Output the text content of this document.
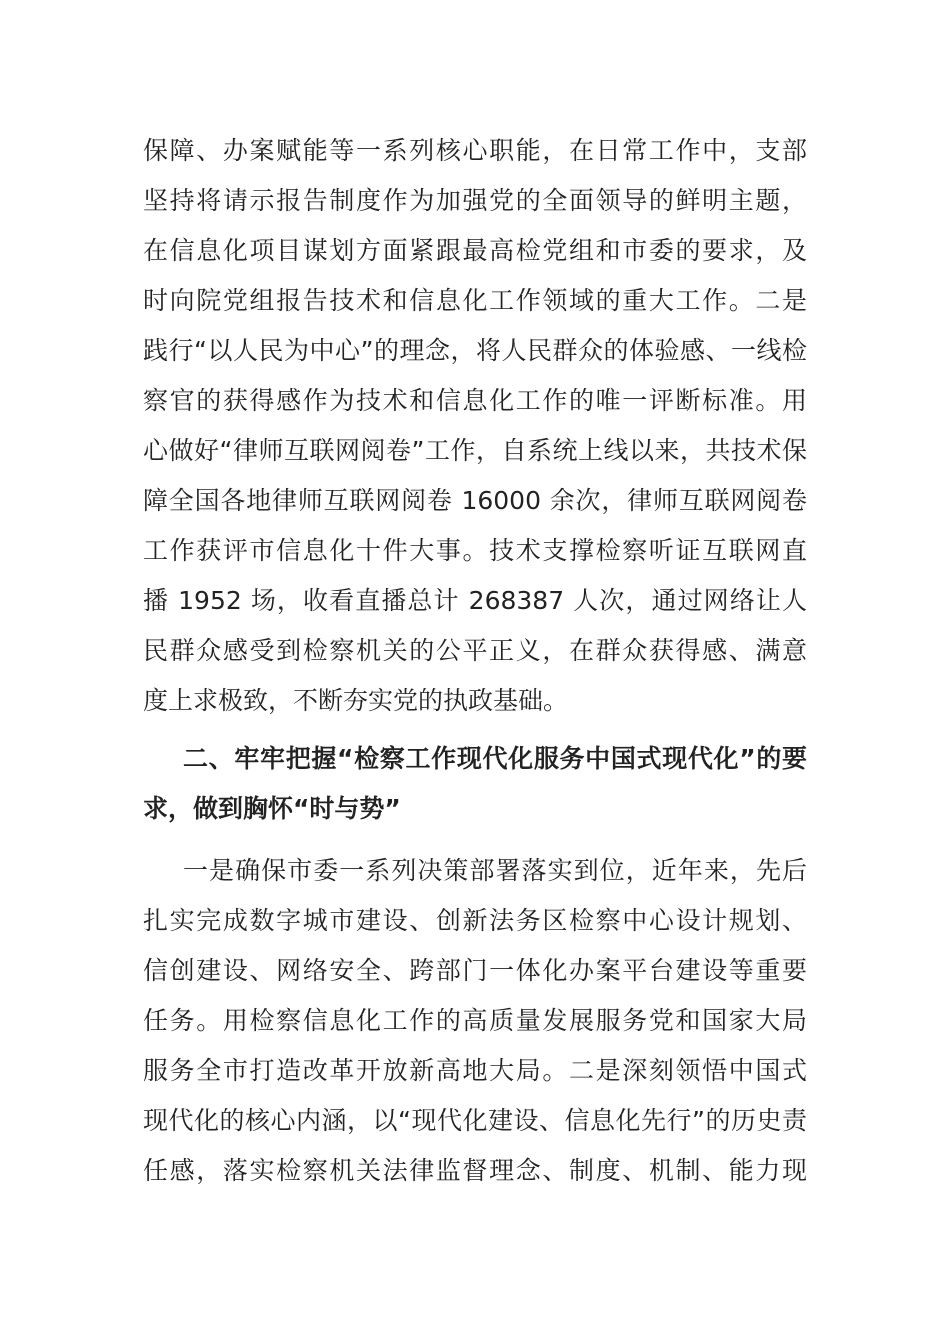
保障、办案赋能等一系列核心职能，在日常工作中，支部
坚持将请示报告制度作为加强党的全面领导的鲜明主题，
在信息化项目谋划方面紧跟最高检党组和市委的要求，及
时向院党组报告技术和信息化工作领域的重大工作。二是
践行“以人民为中心”的理念，将人民群众的体验感、一线检
察官的获得感作为技术和信息化工作的唯一评断标准。用
心做好“律师互联网阅卷”工作，自系统上线以来，共技术保
障全国各地律师互联网阅卷 16000 余次，律师互联网阅卷
工作获评市信息化十件大事。技术支撑检察听证互联网直
播 1952 场，收看直播总计 268387 人次，通过网络让人
民群众感受到检察机关的公平正义，在群众获得感、满意
度上求极致，不断夯实党的执政基础。
二、牢牢把握“检察工作现代化服务中国式现代化”的要
求，做到胸怀“时与势”
一是确保市委一系列决策部署落实到位，近年来，先后
扎实完成数字城市建设、创新法务区检察中心设计规划、
信创建设、网络安全、跨部门一体化办案平台建设等重要
任务。用检察信息化工作的高质量发展服务党和国家大局
服务全市打造改革开放新高地大局。二是深刻领悟中国式
现代化的核心内涵，以“现代化建设、信息化先行”的历史责
任感，落实检察机关法律监督理念、制度、机制、能力现
